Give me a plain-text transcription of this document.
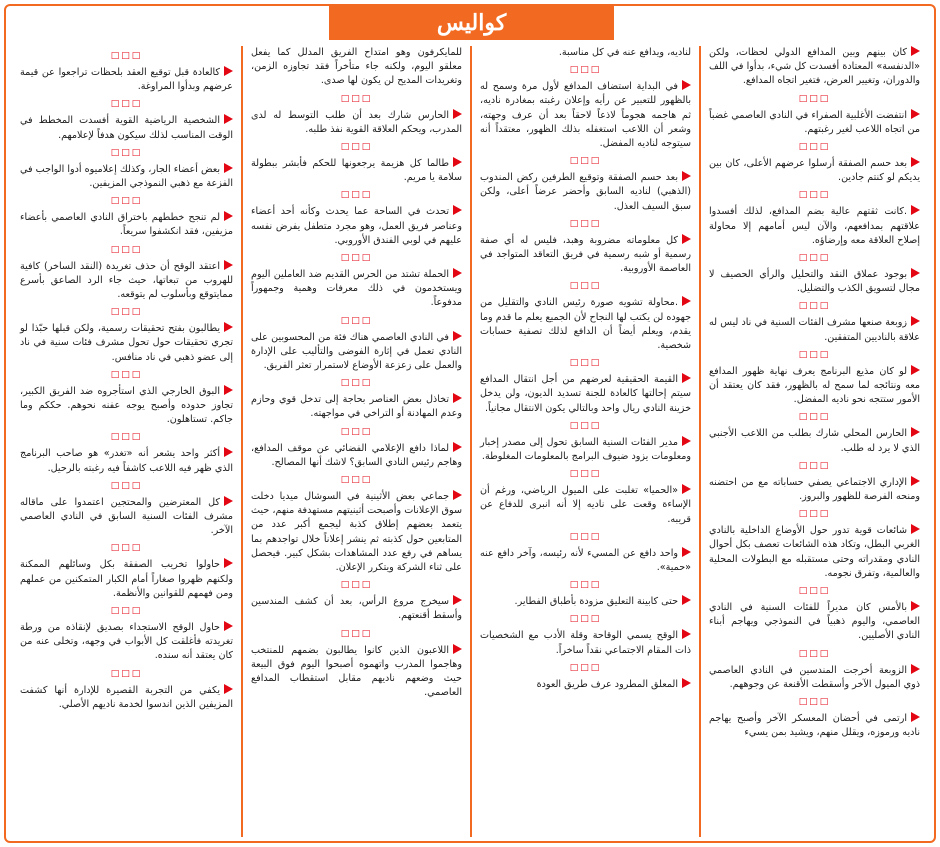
كواليس

كان بينهم وبين المدافع الدولي لحظات، ولكن «الدنفسة» المعتادة أفسدت كل شيء، بدأوا في اللف والدوران، وتغيير العرض، فتغير اتجاه المدافع.

□□□

انتفضت الأغلبية الصفراء في النادي العاصمي غضباً من اتجاه اللاعب لغير رغبتهم.

□□□

بعد حسم الصفقة أرسلوا عرضهم الأعلى، كان بين يديكم لو كنتم جادين.

□□□

.كانت ثقتهم عالية بضم المدافع، لذلك أفسدوا علاقتهم بمدافعهم، والآن ليس أمامهم إلا محاولة إصلاح العلاقة معه وإرضاؤه.

□□□

بوجود عملاق النقد والتحليل والرأي الحصيف لا مجال لتسويق الكذب والتضليل.

□□□

زوبعة صنعها مشرف الفئات السنية في ناد ليس له علاقة بالناديين المتفقين.

□□□

لو كان مذيع البرنامج يعرف نهاية ظهور المدافع معه ونتائجه لما سمح له بالظهور، فقد كان يعتقد أن الأمور ستتجه نحو ناديه المفضل.

□□□

الحارس المحلي شارك بطلب من اللاعب الأجنبي الذي لا يرد له طلب.

□□□

الإداري الاجتماعي يصفي حساباته مع من احتضنه ومنحه الفرصة للظهور والبروز.

□□□

شائعات قوية تدور حول الأوضاع الداخلية بالنادي الغربي البطل، وتكاد هذه الشائعات تعصف بكل أحوال النادي ومقدراته وحتى مستقبله مع البطولات المحلية والعالمية، وتفرق نجومه.

□□□

بالأمس كان مديراً للفئات السنية في النادي العاصمي، واليوم ذهبياً في النموذجي ويهاجم أبناء النادي الأصليين.

□□□

الزوبعة أخرجت المندسين في النادي العاصمي ذوي الميول الآخر وأسقطت الأقنعة عن وجوههم.

□□□

ارتمى في أحضان المعسكر الآخر وأصبح يهاجم ناديه ورموزه، ويقلل منهم، ويشيد بمن يسيء

لناديه، ويدافع عنه في كل مناسبة.

□□□

في البداية استضاف المدافع لأول مرة وسمح له بالظهور للتعبير عن رأيه وإعلان رغبته بمغادرة ناديه، ثم هاجمه هجوماً لاذعاً لاحقاً بعد أن عرف وجهته، وشعر أن اللاعب استغفله بذلك الظهور، معتقداً أنه سيتوجه لناديه المفضل.

□□□

بعد حسم الصفقة وتوقيع الطرفين ركض المندوب (الذهبي) لناديه السابق وأحضر عرضاً أعلى، ولكن سبق السيف العذل.

□□□

كل معلوماته مضروبة وهبد، فليس له أي صفة رسمية أو شبه رسمية في فريق التعاقد المتواجد في العاصمة الأوروبية.

□□□

.محاولة تشويه صورة رئيس النادي والتقليل من جهوده لن يكتب لها النجاح لأن الجميع يعلم ما قدم وما يقدم، ويعلم أيضاً أن الدافع لذلك تصفية حسابات شخصية.

□□□

القيمة الحقيقية لعرضهم من أجل انتقال المدافع سيتم إحالتها كالعادة للجنة تسديد الديون، ولن يدخل خزينة النادي ريال واحد وبالتالي يكون الانتقال مجانياً.

□□□

مدير الفئات السنية السابق تحول إلى مصدر إخبار ومعلومات يزود ضيوف البرامج بالمعلومات المغلوطة.

□□□

«الحميا» تغلبت على الميول الرياضي، ورغم أن الإساءة وقعت على ناديه إلا أنه انبرى للدفاع عن قريبه.

□□□

واحد دافع عن المسيء لأنه رئيسه، وآخر دافع عنه «حمية».

□□□

حتى كابينة التعليق مزودة بأطباق الفطاير.

□□□

الوقح يسمي الوقاحة وقلة الأدب مع الشخصيات ذات المقام الاجتماعي نقداً ساخراً.

□□□

المعلق المطرود عرف طريق العودة

للمايكرفون وهو امتداح الفريق المدلل كما يفعل معلقو اليوم، ولكنه جاء متأخراً فقد تجاوزه الزمن، وتغريدات المديح لن يكون لها صدى.

□□□

الحارس شارك بعد أن طلب التوسط له لدى المدرب، ويحكم العلاقة القوية نفذ طلبه.

□□□

طالما كل هزيمة يرجعونها للحكم فأبشر ببطولة سلامة يا مريم.

□□□

تحدث في الساحة عما يحدث وكأنه أحد أعضاء وعناصر فريق العمل، وهو مجرد متطفل يفرض نفسه عليهم في لوبي الفندق الأوروبي.

□□□

الحملة تشتد من الحرس القديم ضد العاملين اليوم ويستخدمون في ذلك معرفات وهمية وجمهوراً مدفوعاً.

□□□

في النادي العاصمي هناك فئة من المحسوبين على النادي تعمل في إثارة الفوضى والتأليب على الإدارة والعمل على زعزعة الأوضاع لاستمرار تعثر الفريق.

□□□

تخاذل بعض العناصر بحاجة إلى تدخل قوي وحازم وعدم المهادنة أو التراخي في مواجهته.

□□□

لماذا دافع الإعلامي الفضائي عن موقف المدافع، وهاجم رئيس النادي السابق؟ لاشك أنها المصالح.

□□□

جماعي بعض الأثينية في السوشال ميديا دخلت سوق الإعلانات وأصبحت أثينيتهم مستهدفة منهم، حيث يتعمد بعضهم إطلاق كذبة ليجمع أكبر عدد من المتابعين حول كذبته ثم ينشر إعلاناً خلال تواجدهم بما يساهم في رفع عدد المشاهدات بشكل كبير. فيحصل على ثناء الشركة ويتكرر الإعلان.

□□□

سيخرج مروع الرأس، بعد أن كشف المندسين وأسقط أقنعتهم.

□□□

اللاعبون الذين كانوا يطالبون بضمهم للمنتخب وهاجموا المدرب واتهموه أصبحوا اليوم فوق البيعة حيث وضعهم ناديهم مقابل استقطاب المدافع العاصمي.

□□□

كالعادة قبل توقيع العقد بلحظات تراجعوا عن قيمة عرضهم وبدأوا المراوغة.

□□□

الشخصية الرياضية القوية أفسدت المخطط في الوقت المناسب لذلك سيكون هدفاً لإعلامهم.

□□□

بعض أعضاء الجار، وكذلك إعلاميوه أدوا الواجب في الفزعة مع ذهبي النموذجي المزيفين.

□□□

لم تنجح خططهم باختراق النادي العاصمي بأعضاء مزيفين، فقد انكشفوا سريعاً.

□□□

اعتقد الوقح أن حذف تغريدة (النقد الساخر) كافية للهروب من تبعاتها، حيث جاء الرد الصاعق بأسرع ممايتوقع وبأسلوب لم يتوقعه.

□□□

يطالبون بفتح تحقيقات رسمية، ولكن قبلها حبّذا لو تجري تحقيقات حول تحول مشرف فئات سنية في ناد إلى عضو ذهبي في ناد منافس.

□□□

البوق الخارجي الذي استأجروه ضد الفريق الكبير، تجاوز حدوده وأصبح يوجه عفنه نحوهم. حككم وما جاكم. تستاهلون.

□□□

أكثر واحد يشعر أنه «تغدر» هو صاحب البرنامج الذي ظهر فيه اللاعب كاشفاً فيه رغبته بالرحيل.

□□□

كل المعترضين والمحتجين اعتمدوا على ماقاله مشرف الفئات السنية السابق في النادي العاصمي الآخر.

□□□

حاولوا تخريب الصفقة بكل وسائلهم الممكنة ولكنهم ظهروا صغاراً أمام الكبار المتمكنين من عملهم ومن فهمهم للقوانين والأنظمة.

□□□

حاول الوقح الاستجداء بصديق لإنقاذه من ورطة تغريدته فأغلقت كل الأبواب في وجهه، وتخلى عنه من كان يعتقد أنه سنده.

□□□

يكفي من التجربة القصيرة للإدارة أنها كشفت المزيفين الذين اندسوا لخدمة ناديهم الأصلي.
